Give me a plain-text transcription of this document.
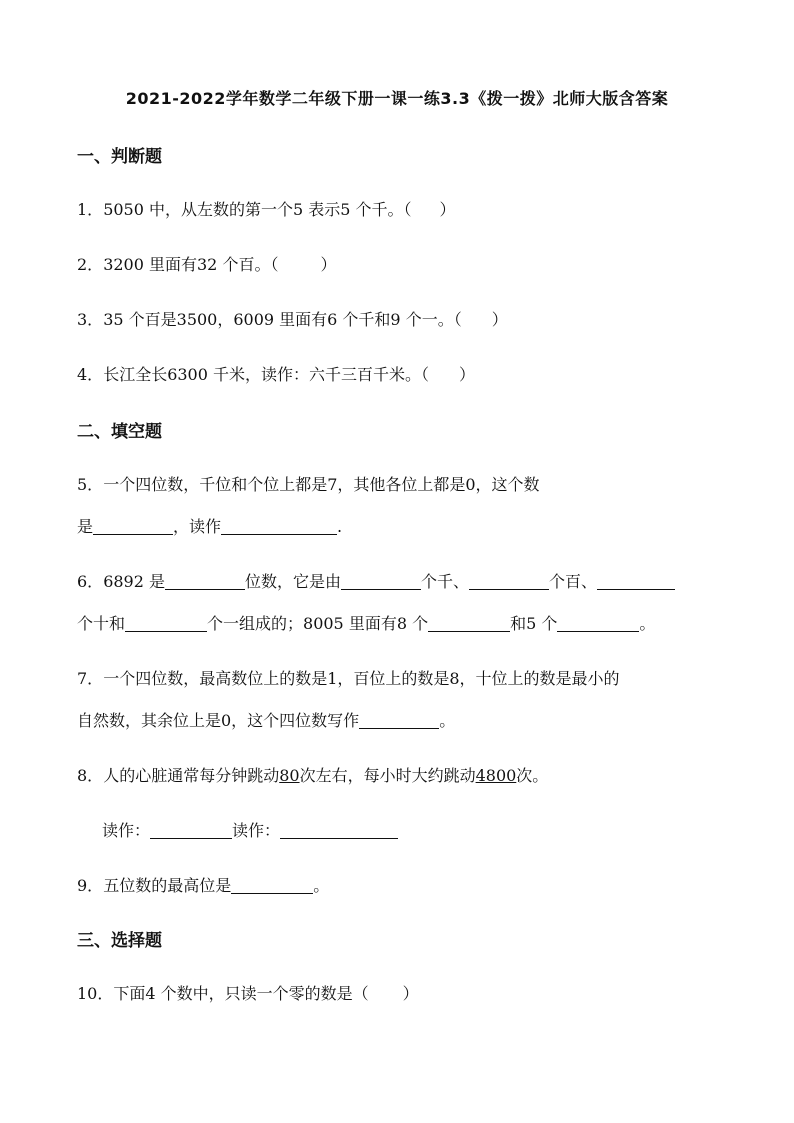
2021-2022学年数学二年级下册一课一练3.3《拨一拨》北师大版含答案
一、判断题
1．5050 中，从左数的第一个5 表示5 个千。（ ）
2．3200 里面有32 个百。（	）
3．35 个百是3500，6009 里面有6 个千和9 个一。（ ）
4．长江全长6300 千米，读作：六千三百千米。（ ）
二、填空题
5．一个四位数，千位和个位上都是7，其他各位上都是0，这个数
是	，读作	.
6．6892 是	位数，它是由	个千、	个百、
个十和	个一组成的；8005 里面有8 个	和5 个	。
7．一个四位数，最高数位上的数是1，百位上的数是8，十位上的数是最小的
自然数，其余位上是0，这个四位数写作	。
8．人的心脏通常每分钟跳动80次左右，每小时大约跳动4800次。
读作：	读作：
9．五位数的最高位是	。
三、选择题
10．下面4 个数中，只读一个零的数是（ ）
